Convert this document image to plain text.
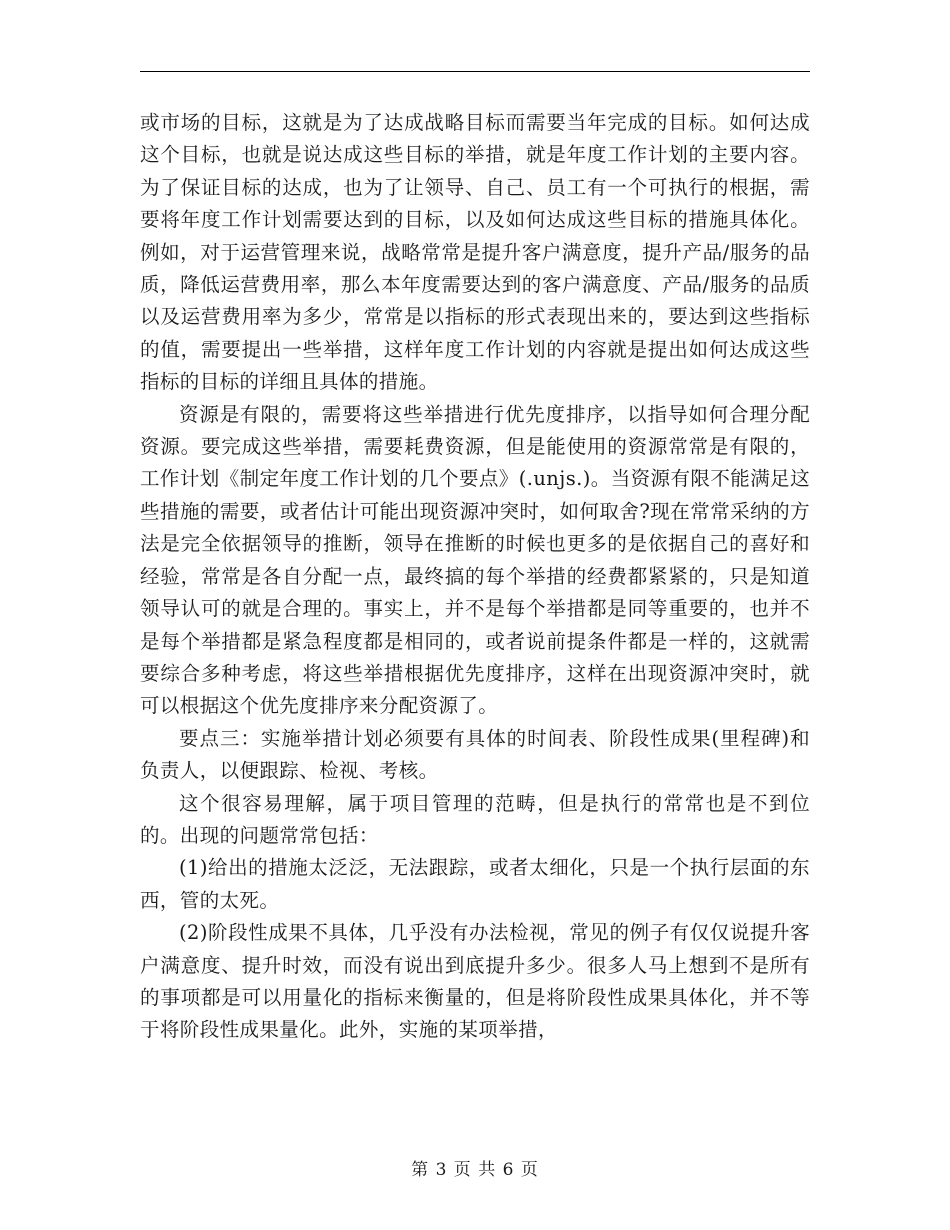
或市场的目标，这就是为了达成战略目标而需要当年完成的目标。如何达成这个目标，也就是说达成这些目标的举措，就是年度工作计划的主要内容。为了保证目标的达成，也为了让领导、自己、员工有一个可执行的根据，需要将年度工作计划需要达到的目标，以及如何达成这些目标的措施具体化。例如，对于运营管理来说，战略常常是提升客户满意度，提升产品/服务的品质，降低运营费用率，那么本年度需要达到的客户满意度、产品/服务的品质以及运营费用率为多少，常常是以指标的形式表现出来的，要达到这些指标的值，需要提出一些举措，这样年度工作计划的内容就是提出如何达成这些指标的目标的详细且具体的措施。

资源是有限的，需要将这些举措进行优先度排序，以指导如何合理分配资源。要完成这些举措，需要耗费资源，但是能使用的资源常常是有限的，工作计划《制定年度工作计划的几个要点》(.unjs.)。当资源有限不能满足这些措施的需要，或者估计可能出现资源冲突时，如何取舍?现在常常采纳的方法是完全依据领导的推断，领导在推断的时候也更多的是依据自己的喜好和经验，常常是各自分配一点，最终搞的每个举措的经费都紧紧的，只是知道领导认可的就是合理的。事实上，并不是每个举措都是同等重要的，也并不是每个举措都是紧急程度都是相同的，或者说前提条件都是一样的，这就需要综合多种考虑，将这些举措根据优先度排序，这样在出现资源冲突时，就可以根据这个优先度排序来分配资源了。

要点三：实施举措计划必须要有具体的时间表、阶段性成果(里程碑)和负责人，以便跟踪、检视、考核。

这个很容易理解，属于项目管理的范畴，但是执行的常常也是不到位的。出现的问题常常包括：

(1)给出的措施太泛泛，无法跟踪，或者太细化，只是一个执行层面的东西，管的太死。

(2)阶段性成果不具体，几乎没有办法检视，常见的例子有仅仅说提升客户满意度、提升时效，而没有说出到底提升多少。很多人马上想到不是所有的事项都是可以用量化的指标来衡量的，但是将阶段性成果具体化，并不等于将阶段性成果量化。此外，实施的某项举措，

第 3 页 共 6 页
